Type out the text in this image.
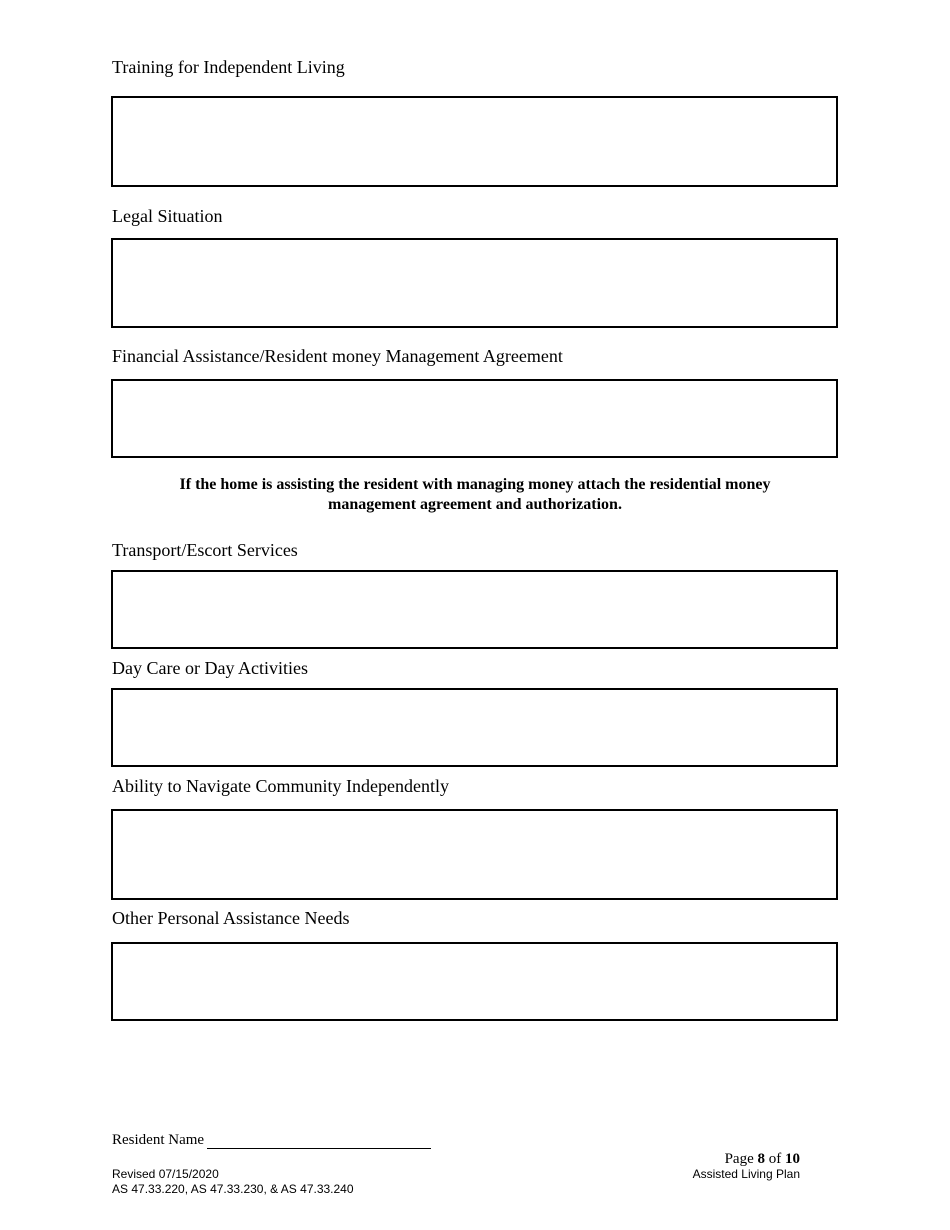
Training for Independent Living
Legal Situation
Financial Assistance/Resident money Management Agreement
If the home is assisting the resident with managing money attach the residential money
management agreement and authorization.
Transport/Escort Services
Day Care or Day Activities
Ability to Navigate Community Independently
Other Personal Assistance Needs
Resident Name
Page 8 of 10
Assisted Living Plan
Revised 07/15/2020
AS 47.33.220, AS 47.33.230, & AS 47.33.240
